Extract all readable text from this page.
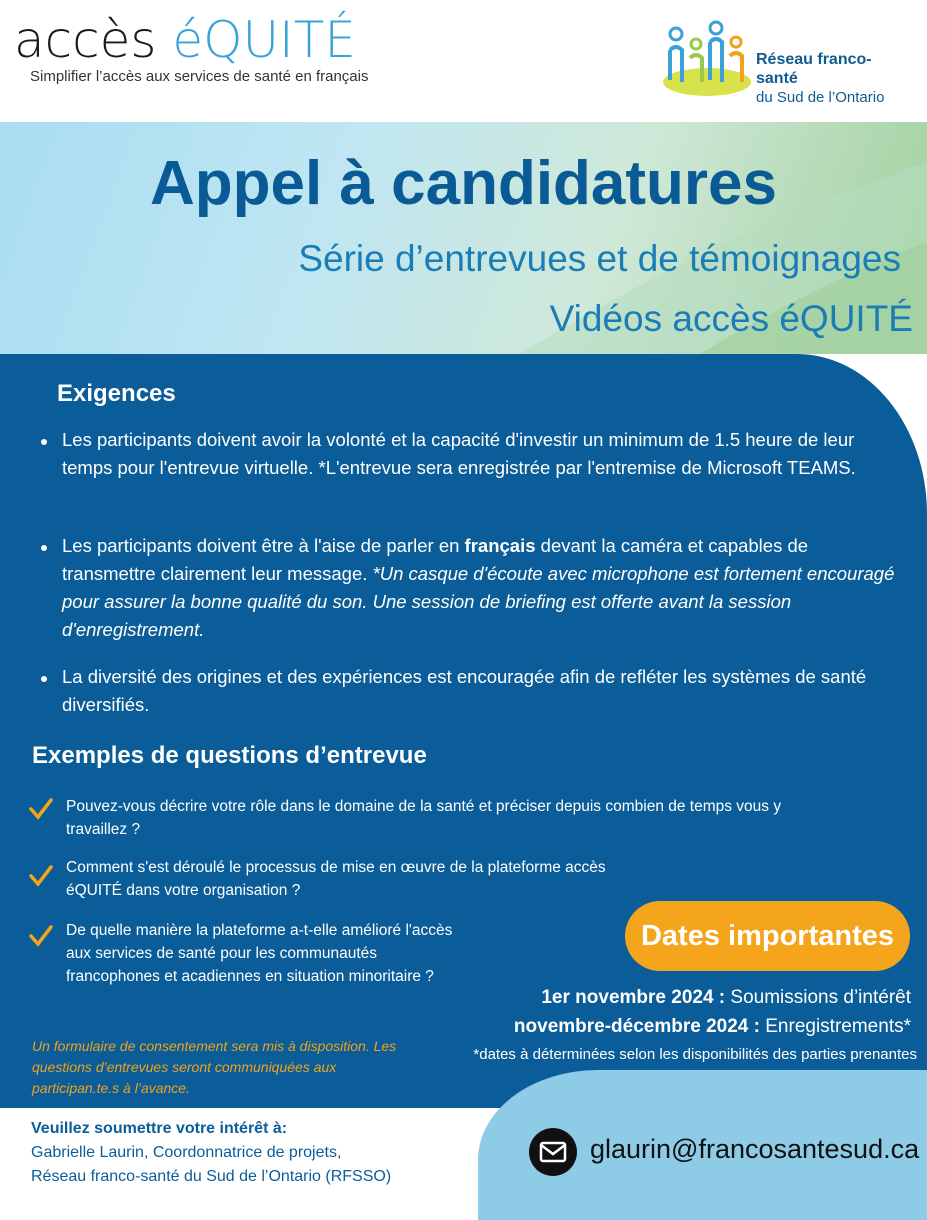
accès éQUITÉ
Simplifier l’accès aux services de santé en français
Réseau franco-santé
du Sud de l’Ontario
Appel à candidatures
Série d’entrevues et de témoignages
Vidéos accès éQUITÉ
Exigences
Les participants doivent avoir la volonté et la capacité d'investir un minimum de 1.5 heure de leur temps pour l'entrevue virtuelle. *L'entrevue sera enregistrée par l'entremise de Microsoft TEAMS.
Les participants doivent être à l'aise de parler en français devant la caméra et capables de transmettre clairement leur message. *Un casque d'écoute avec microphone est fortement encouragé pour assurer la bonne qualité du son. Une session de briefing est offerte avant la session d'enregistrement.
La diversité des origines et des expériences est encouragée afin de refléter les systèmes de santé diversifiés.
Exemples de questions d’entrevue
Pouvez-vous décrire votre rôle dans le domaine de la santé et préciser depuis combien de temps vous y travaillez ?
Comment s'est déroulé le processus de mise en œuvre de la plateforme accès éQUITÉ dans votre organisation ?
De quelle manière la plateforme a-t-elle amélioré l'accès aux services de santé pour les communautés francophones et acadiennes en situation minoritaire ?
Un formulaire de consentement sera mis à disposition. Les questions d’entrevues seront communiquées aux participan.te.s à l’avance.
Dates importantes
1er novembre 2024 : Soumissions d’intérêt
novembre-décembre 2024 : Enregistrements*
*dates à déterminées selon les disponibilités des parties prenantes
Veuillez soumettre votre intérêt à:
Gabrielle Laurin, Coordonnatrice de projets,
Réseau franco-santé du Sud de l’Ontario (RFSSO)
glaurin@francosantesud.ca
